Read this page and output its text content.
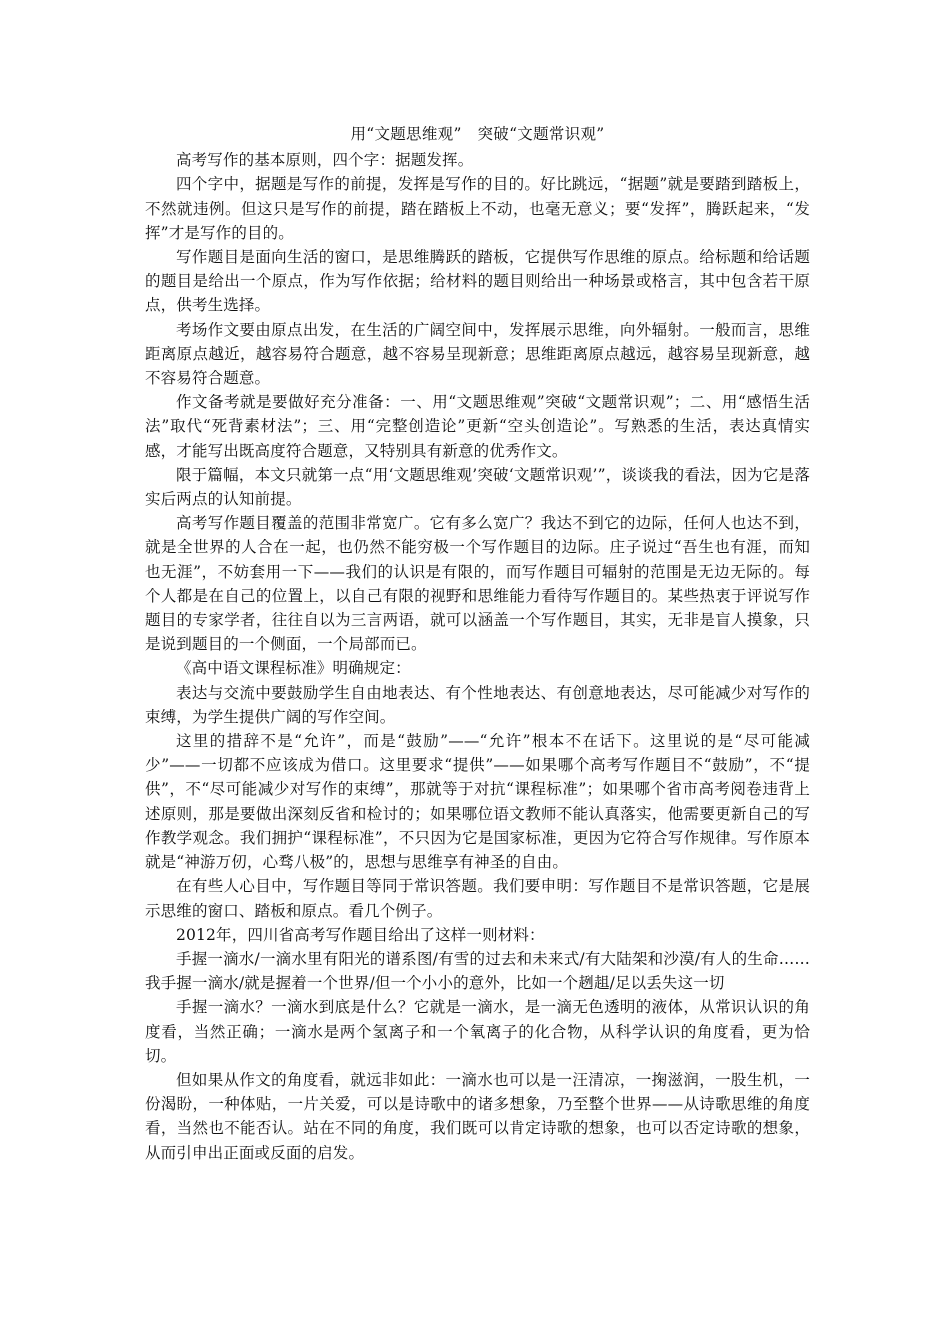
用“文题思维观”　突破“文题常识观”

高考写作的基本原则，四个字：据题发挥。

四个字中，据题是写作的前提，发挥是写作的目的。好比跳远，“据题”就是要踏到踏板上，不然就违例。但这只是写作的前提，踏在踏板上不动，也毫无意义；要“发挥”，腾跃起来，“发挥”才是写作的目的。

写作题目是面向生活的窗口，是思维腾跃的踏板，它提供写作思维的原点。给标题和给话题的题目是给出一个原点，作为写作依据；给材料的题目则给出一种场景或格言，其中包含若干原点，供考生选择。

考场作文要由原点出发，在生活的广阔空间中，发挥展示思维，向外辐射。一般而言，思维距离原点越近，越容易符合题意，越不容易呈现新意；思维距离原点越远，越容易呈现新意，越不容易符合题意。

作文备考就是要做好充分准备：一、用“文题思维观”突破“文题常识观”；二、用“感悟生活法”取代“死背素材法”；三、用“完整创造论”更新“空头创造论”。写熟悉的生活，表达真情实感，才能写出既高度符合题意，又特别具有新意的优秀作文。

限于篇幅，本文只就第一点“用‘文题思维观’突破‘文题常识观’”，谈谈我的看法，因为它是落实后两点的认知前提。

高考写作题目覆盖的范围非常宽广。它有多么宽广？我达不到它的边际，任何人也达不到，就是全世界的人合在一起，也仍然不能穷极一个写作题目的边际。庄子说过“吾生也有涯，而知也无涯”，不妨套用一下——我们的认识是有限的，而写作题目可辐射的范围是无边无际的。每个人都是在自己的位置上，以自己有限的视野和思维能力看待写作题目的。某些热衷于评说写作题目的专家学者，往往自以为三言两语，就可以涵盖一个写作题目，其实，无非是盲人摸象，只是说到题目的一个侧面，一个局部而已。

《高中语文课程标准》明确规定：

表达与交流中要鼓励学生自由地表达、有个性地表达、有创意地表达，尽可能减少对写作的束缚，为学生提供广阔的写作空间。

这里的措辞不是“允许”，而是“鼓励”——“允许”根本不在话下。这里说的是“尽可能减少”——一切都不应该成为借口。这里要求“提供”——如果哪个高考写作题目不“鼓励”，不“提供”，不“尽可能减少对写作的束缚”，那就等于对抗“课程标准”；如果哪个省市高考阅卷违背上述原则，那是要做出深刻反省和检讨的；如果哪位语文教师不能认真落实，他需要更新自己的写作教学观念。我们拥护“课程标准”，不只因为它是国家标准，更因为它符合写作规律。写作原本就是“神游万仞，心骛八极”的，思想与思维享有神圣的自由。

在有些人心目中，写作题目等同于常识答题。我们要申明：写作题目不是常识答题，它是展示思维的窗口、踏板和原点。看几个例子。

2012年，四川省高考写作题目给出了这样一则材料：

手握一滴水/一滴水里有阳光的谱系图/有雪的过去和未来式/有大陆架和沙漠/有人的生命……我手握一滴水/就是握着一个世界/但一个小小的意外，比如一个趔趄/足以丢失这一切

手握一滴水？一滴水到底是什么？它就是一滴水，是一滴无色透明的液体，从常识认识的角度看，当然正确；一滴水是两个氢离子和一个氧离子的化合物，从科学认识的角度看，更为恰切。

但如果从作文的角度看，就远非如此：一滴水也可以是一汪清凉，一掬滋润，一股生机，一份渴盼，一种体贴，一片关爱，可以是诗歌中的诸多想象，乃至整个世界——从诗歌思维的角度看，当然也不能否认。站在不同的角度，我们既可以肯定诗歌的想象，也可以否定诗歌的想象，从而引申出正面或反面的启发。
